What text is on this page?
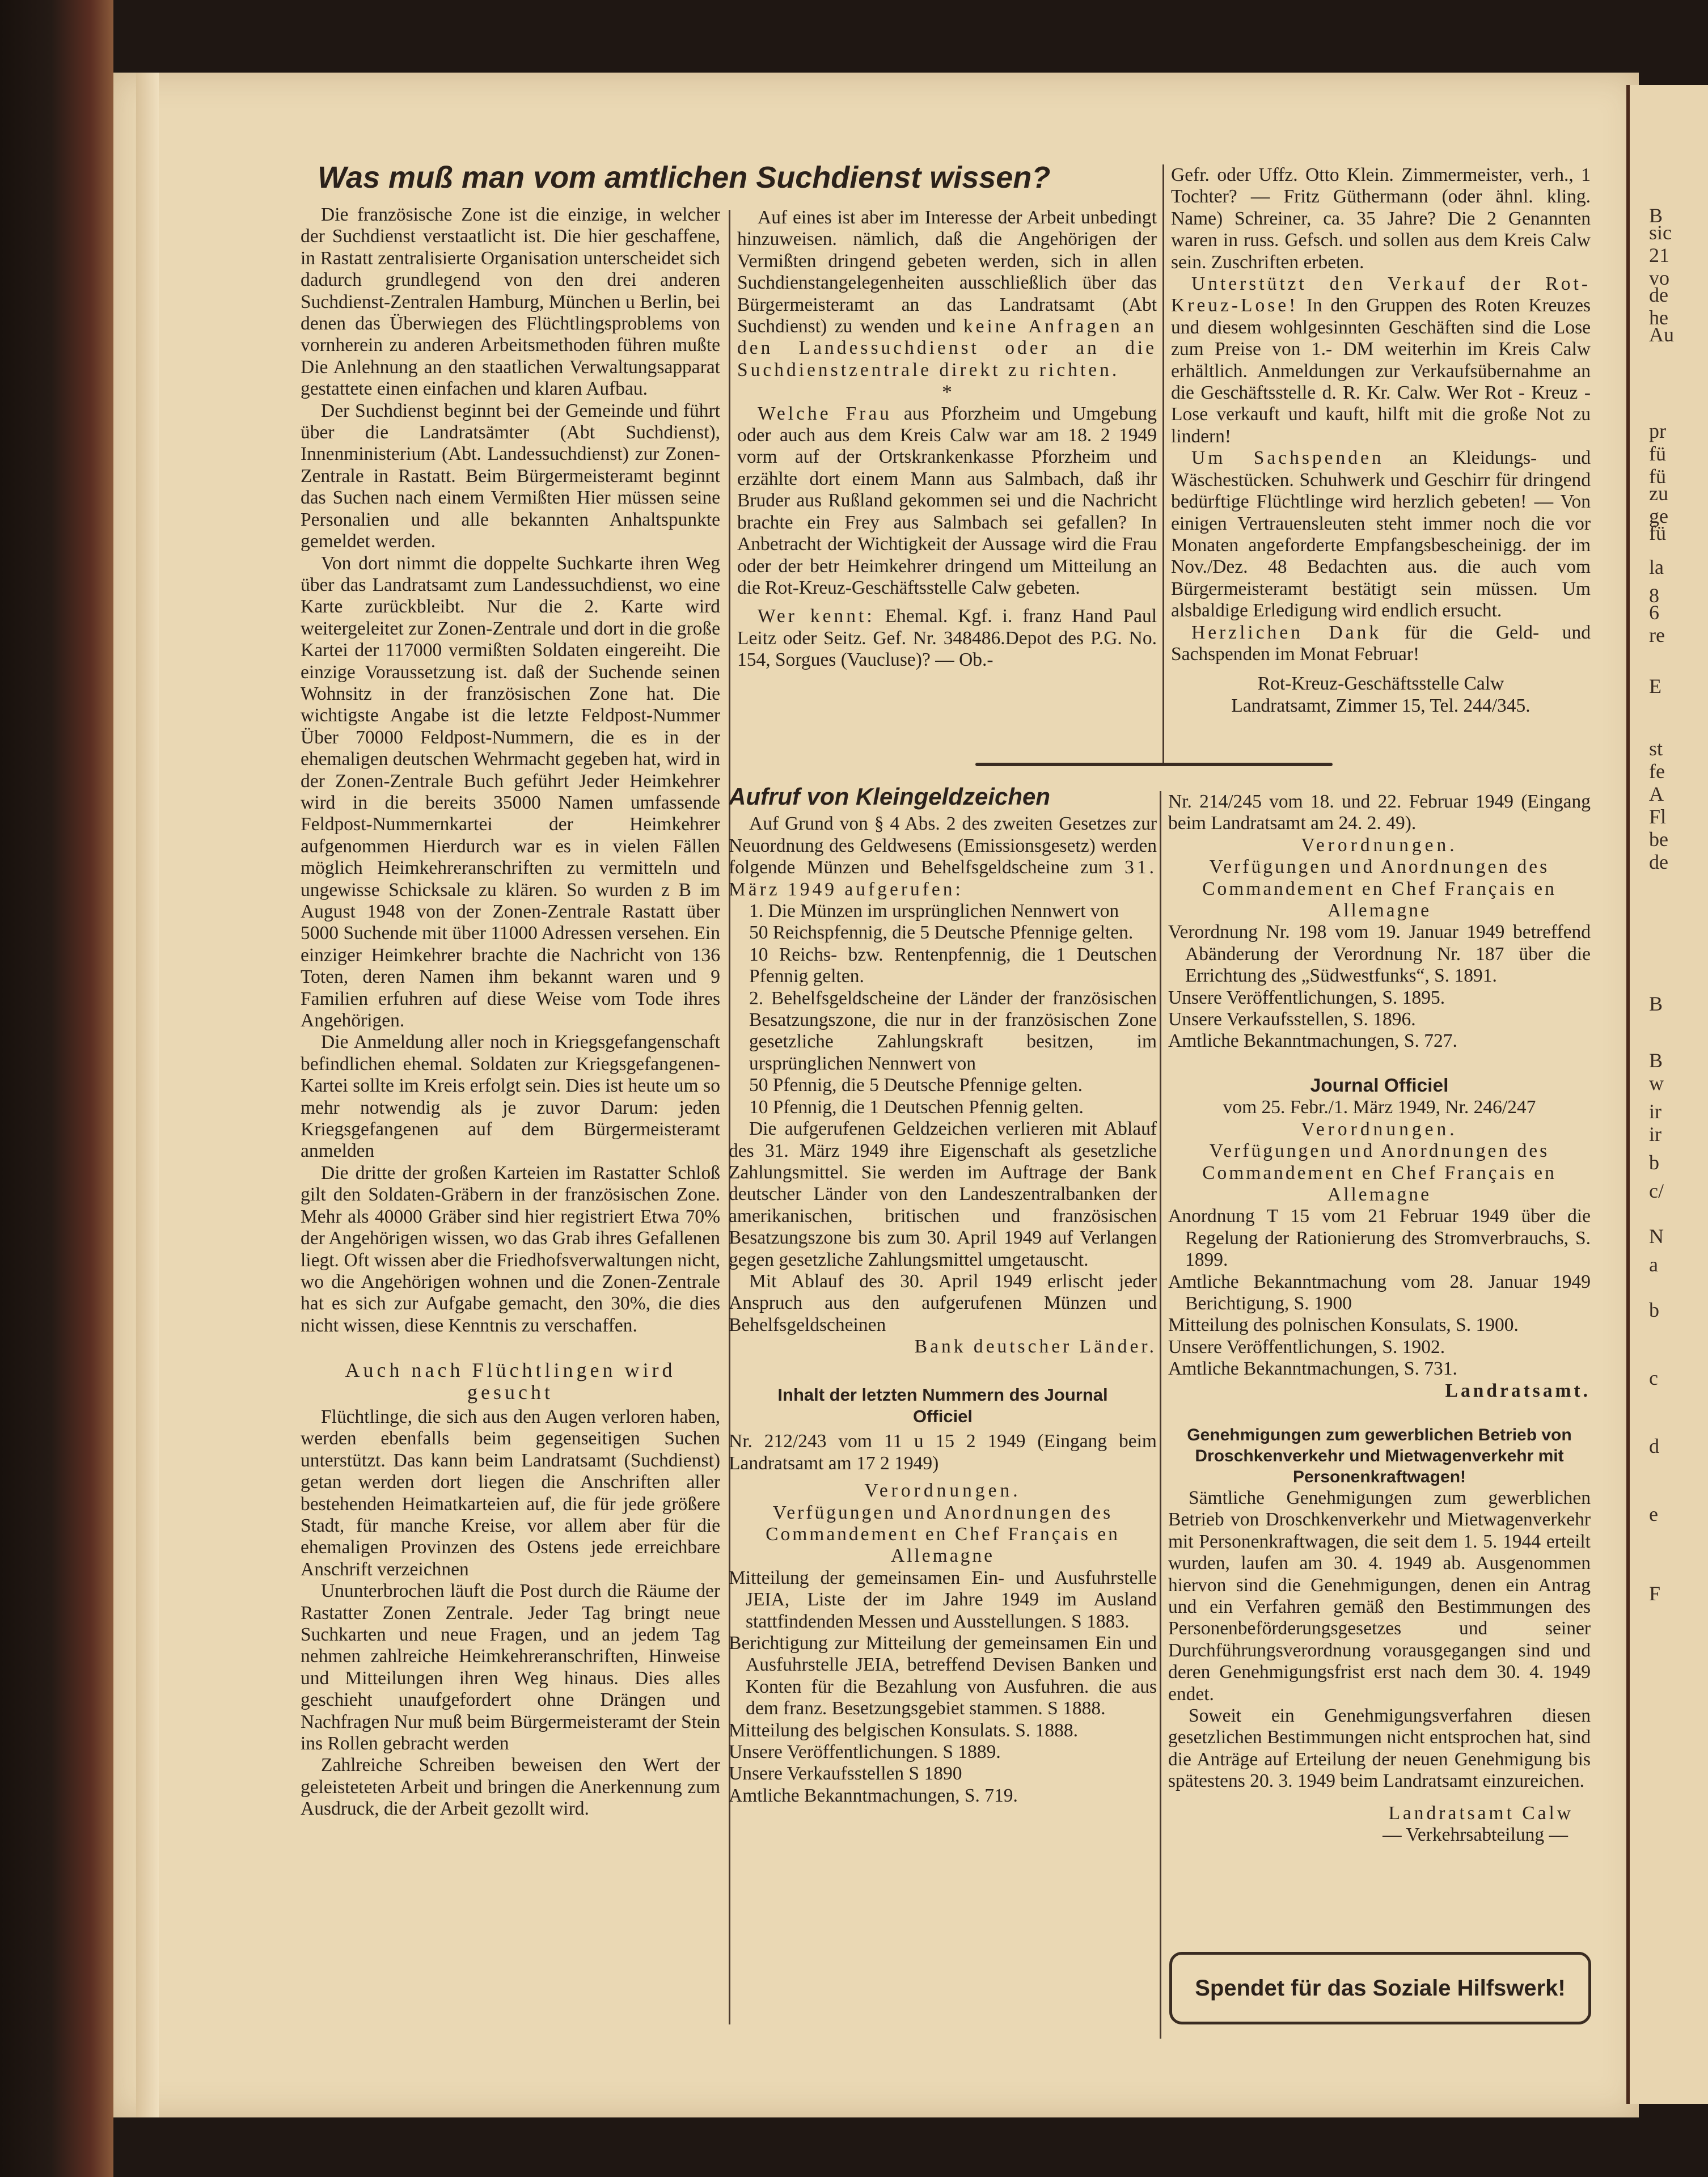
B
sic
21
vo
de
he
Au
pr
fü
fü
zu
ge
fü
la
8
6
re
E
st
fe
A
Fl
be
de
B
B
w
ir
ir
b
c/
N
a
b
c
d
e
F
Was muß man vom amtlichen Suchdienst wissen?

Die französische Zone ist die einzige, in welcher der Suchdienst verstaatlicht ist. Die hier geschaffene, in Rastatt zentralisierte Organisation unterscheidet sich dadurch grundlegend von den drei anderen Suchdienst-Zentralen Hamburg, München u Berlin, bei denen das Überwiegen des Flüchtlingsproblems von vornherein zu anderen Arbeitsmethoden führen mußte Die Anlehnung an den staatlichen Verwaltungsapparat gestattete einen einfachen und klaren Aufbau.

Der Suchdienst beginnt bei der Gemeinde und führt über die Landratsämter (Abt Suchdienst), Innenministerium (Abt. Landessuchdienst) zur Zonen-Zentrale in Rastatt. Beim Bürgermeisteramt beginnt das Suchen nach einem Vermißten Hier müssen seine Personalien und alle bekannten Anhaltspunkte gemeldet werden.

Von dort nimmt die doppelte Suchkarte ihren Weg über das Landratsamt zum Landessuchdienst, wo eine Karte zurückbleibt. Nur die 2. Karte wird weitergeleitet zur Zonen-Zentrale und dort in die große Kartei der 117000 vermißten Soldaten eingereiht. Die einzige Voraussetzung ist. daß der Suchende seinen Wohnsitz in der französischen Zone hat. Die wichtigste Angabe ist die letzte Feldpost-Nummer Über 70000 Feldpost-Nummern, die es in der ehemaligen deutschen Wehrmacht gegeben hat, wird in der Zonen-Zentrale Buch geführt Jeder Heimkehrer wird in die bereits 35000 Namen umfassende Feldpost-Nummernkartei der Heimkehrer aufgenommen Hierdurch war es in vielen Fällen möglich Heimkehreranschriften zu vermitteln und ungewisse Schicksale zu klären. So wurden z B im August 1948 von der Zonen-Zentrale Rastatt über 5000 Suchende mit über 11000 Adressen versehen. Ein einziger Heimkehrer brachte die Nachricht von 136 Toten, deren Namen ihm bekannt waren und 9 Familien erfuhren auf diese Weise vom Tode ihres Angehörigen.

Die Anmeldung aller noch in Kriegsgefangenschaft befindlichen ehemal. Soldaten zur Kriegsgefangenen-Kartei sollte im Kreis erfolgt sein. Dies ist heute um so mehr notwendig als je zuvor Darum: jeden Kriegsgefangenen auf dem Bürgermeisteramt anmelden

Die dritte der großen Karteien im Rastatter Schloß gilt den Soldaten-Gräbern in der französischen Zone. Mehr als 40000 Gräber sind hier registriert Etwa 70% der Angehörigen wissen, wo das Grab ihres Gefallenen liegt. Oft wissen aber die Friedhofsverwaltungen nicht, wo die Angehörigen wohnen und die Zonen-Zentrale hat es sich zur Aufgabe gemacht, den 30%, die dies nicht wissen, diese Kenntnis zu verschaffen.

Auch nach Flüchtlingen wird gesucht

Flüchtlinge, die sich aus den Augen verloren haben, werden ebenfalls beim gegenseitigen Suchen unterstützt. Das kann beim Landratsamt (Suchdienst) getan werden dort liegen die Anschriften aller bestehenden Heimatkarteien auf, die für jede größere Stadt, für manche Kreise, vor allem aber für die ehemaligen Provinzen des Ostens jede erreichbare Anschrift verzeichnen

Ununterbrochen läuft die Post durch die Räume der Rastatter Zonen Zentrale. Jeder Tag bringt neue Suchkarten und neue Fragen, und an jedem Tag nehmen zahlreiche Heimkehreranschriften, Hinweise und Mitteilungen ihren Weg hinaus. Dies alles geschieht unaufgefordert ohne Drängen und Nachfragen Nur muß beim Bürgermeisteramt der Stein ins Rollen gebracht werden

Zahlreiche Schreiben beweisen den Wert der geleisteteten Arbeit und bringen die Anerkennung zum Ausdruck, die der Arbeit gezollt wird.

Auf eines ist aber im Interesse der Arbeit unbedingt hinzuweisen. nämlich, daß die Angehörigen der Vermißten dringend gebeten werden, sich in allen Suchdienstangelegenheiten ausschließlich über das Bürgermeisteramt an das Landratsamt (Abt Suchdienst) zu wenden und keine Anfragen an den Landessuchdienst oder an die Suchdienstzentrale direkt zu richten.

*

Welche Frau aus Pforzheim und Umgebung oder auch aus dem Kreis Calw war am 18. 2 1949 vorm auf der Ortskrankenkasse Pforzheim und erzählte dort einem Mann aus Salmbach, daß ihr Bruder aus Rußland gekommen sei und die Nachricht brachte ein Frey aus Salmbach sei gefallen? In Anbetracht der Wichtigkeit der Aussage wird die Frau oder der betr Heimkehrer dringend um Mitteilung an die Rot-Kreuz-Geschäftsstelle Calw gebeten.

Wer kennt: Ehemal. Kgf. i. franz Hand Paul Leitz oder Seitz. Gef. Nr. 348486.Depot des P.G. No. 154, Sorgues (Vaucluse)? — Ob.-

Gefr. oder Uffz. Otto Klein. Zimmermeister, verh., 1 Tochter? — Fritz Güthermann (oder ähnl. kling. Name) Schreiner, ca. 35 Jahre? Die 2 Genannten waren in russ. Gefsch. und sollen aus dem Kreis Calw sein. Zuschriften erbeten.

Unterstützt den Verkauf der Rot-Kreuz-Lose! In den Gruppen des Roten Kreuzes und diesem wohlgesinnten Geschäften sind die Lose zum Preise von 1.- DM weiterhin im Kreis Calw erhältlich. Anmeldungen zur Verkaufsübernahme an die Geschäftsstelle d. R. Kr. Calw. Wer Rot - Kreuz - Lose verkauft und kauft, hilft mit die große Not zu lindern!

Um Sachspenden an Kleidungs- und Wäschestücken. Schuhwerk und Geschirr für dringend bedürftige Flüchtlinge wird herzlich gebeten! — Von einigen Vertrauensleuten steht immer noch die vor Monaten angeforderte Empfangsbescheinigg. der im Nov./Dez. 48 Bedachten aus. die auch vom Bürgermeisteramt bestätigt sein müssen. Um alsbaldige Erledigung wird endlich ersucht.

Herzlichen Dank für die Geld- und Sachspenden im Monat Februar!

Rot-Kreuz-Geschäftsstelle Calw

Landratsamt, Zimmer 15, Tel. 244/345.

Aufruf von Kleingeldzeichen

Auf Grund von § 4 Abs. 2 des zweiten Gesetzes zur Neuordnung des Geldwesens (Emissionsgesetz) werden folgende Münzen und Behelfsgeldscheine zum 31. März 1949 aufgerufen:

1. Die Münzen im ursprünglichen Nennwert von

50 Reichspfennig, die 5 Deutsche Pfennige gelten.

10 Reichs- bzw. Rentenpfennig, die 1 Deutschen Pfennig gelten.

2. Behelfsgeldscheine der Länder der französischen Besatzungszone, die nur in der französischen Zone gesetzliche Zahlungskraft besitzen, im ursprünglichen Nennwert von

50 Pfennig, die 5 Deutsche Pfennige gelten.

10 Pfennig, die 1 Deutschen Pfennig gelten.

Die aufgerufenen Geldzeichen verlieren mit Ablauf des 31. März 1949 ihre Eigenschaft als gesetzliche Zahlungsmittel. Sie werden im Auftrage der Bank deutscher Länder von den Landeszentralbanken der amerikanischen, britischen und französischen Besatzungszone bis zum 30. April 1949 auf Verlangen gegen gesetzliche Zahlungsmittel umgetauscht.

Mit Ablauf des 30. April 1949 erlischt jeder Anspruch aus den aufgerufenen Münzen und Behelfsgeldscheinen

Bank deutscher Länder.

Inhalt der letzten Nummern des Journal Officiel

Nr. 212/243 vom 11 u 15 2 1949 (Eingang beim Landratsamt am 17 2 1949)

Verordnungen.

Verfügungen und Anordnungen des Commandement en Chef Français en Allemagne

Mitteilung der gemeinsamen Ein- und Ausfuhrstelle JEIA, Liste der im Jahre 1949 im Ausland stattfindenden Messen und Ausstellungen. S 1883.

Berichtigung zur Mitteilung der gemeinsamen Ein und Ausfuhrstelle JEIA, betreffend Devisen Banken und Konten für die Bezahlung von Ausfuhren. die aus dem franz. Besetzungsgebiet stammen. S 1888.

Mitteilung des belgischen Konsulats. S. 1888.

Unsere Veröffentlichungen. S 1889.

Unsere Verkaufsstellen S 1890

Amtliche Bekanntmachungen, S. 719.

Nr. 214/245 vom 18. und 22. Februar 1949 (Eingang beim Landratsamt am 24. 2. 49).

Verordnungen.

Verfügungen und Anordnungen des Commandement en Chef Français en Allemagne

Verordnung Nr. 198 vom 19. Januar 1949 betreffend Abänderung der Verordnung Nr. 187 über die Errichtung des „Südwestfunks“, S. 1891.

Unsere Veröffentlichungen, S. 1895.

Unsere Verkaufsstellen, S. 1896.

Amtliche Bekanntmachungen, S. 727.

Journal Officiel

vom 25. Febr./1. März 1949, Nr. 246/247

Verordnungen.

Verfügungen und Anordnungen des Commandement en Chef Français en Allemagne

Anordnung T 15 vom 21 Februar 1949 über die Regelung der Rationierung des Stromverbrauchs, S. 1899.

Amtliche Bekanntmachung vom 28. Januar 1949 Berichtigung, S. 1900

Mitteilung des polnischen Konsulats, S. 1900.

Unsere Veröffentlichungen, S. 1902.

Amtliche Bekanntmachungen, S. 731.

Landratsamt.

Genehmigungen zum gewerblichen Betrieb von Droschkenverkehr und Mietwagenverkehr mit Personenkraftwagen!

Sämtliche Genehmigungen zum gewerblichen Betrieb von Droschkenverkehr und Mietwagenverkehr mit Personenkraftwagen, die seit dem 1. 5. 1944 erteilt wurden, laufen am 30. 4. 1949 ab. Ausgenommen hiervon sind die Genehmigungen, denen ein Antrag und ein Verfahren gemäß den Bestimmungen des Personenbeförderungsgesetzes und seiner Durchführungsverordnung vorausgegangen sind und deren Genehmigungsfrist erst nach dem 30. 4. 1949 endet.

Soweit ein Genehmigungsverfahren diesen gesetzlichen Bestimmungen nicht entsprochen hat, sind die Anträge auf Erteilung der neuen Genehmigung bis spätestens 20. 3. 1949 beim Landratsamt einzureichen.

Landratsamt Calw

— Verkehrsabteilung —

Spendet für das Soziale Hilfswerk!
